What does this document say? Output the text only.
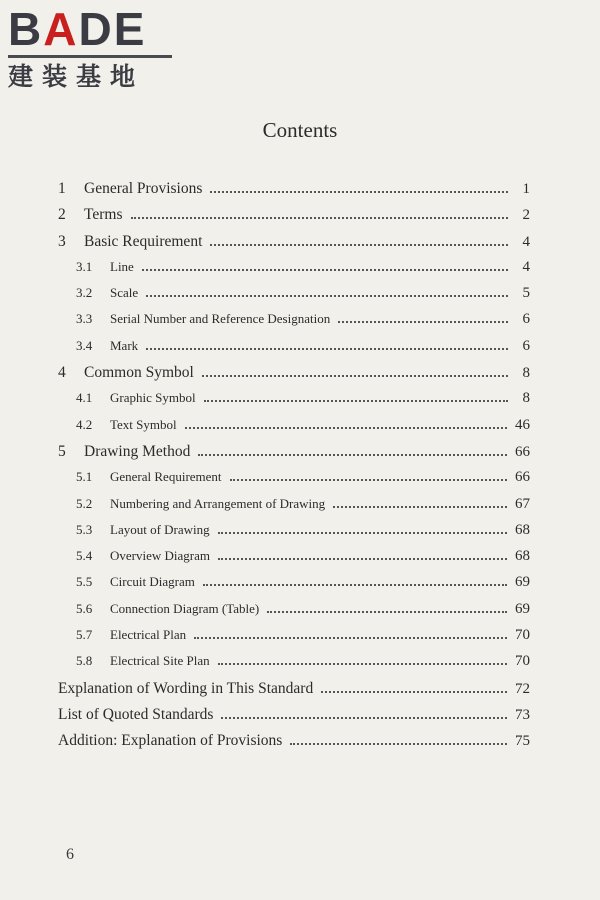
BADE
建装基地
Contents
1	General Provisions	1
2	Terms	2
3	Basic Requirement	4
3.1	Line	4
3.2	Scale	5
3.3	Serial Number and Reference Designation	6
3.4	Mark	6
4	Common Symbol	8
4.1	Graphic Symbol	8
4.2	Text Symbol	46
5	Drawing Method	66
5.1	General Requirement	66
5.2	Numbering and Arrangement of Drawing	67
5.3	Layout of Drawing	68
5.4	Overview Diagram	68
5.5	Circuit Diagram	69
5.6	Connection Diagram (Table)	69
5.7	Electrical Plan	70
5.8	Electrical Site Plan	70
Explanation of Wording in This Standard	72
List of Quoted Standards	73
Addition: Explanation of Provisions	75
6
